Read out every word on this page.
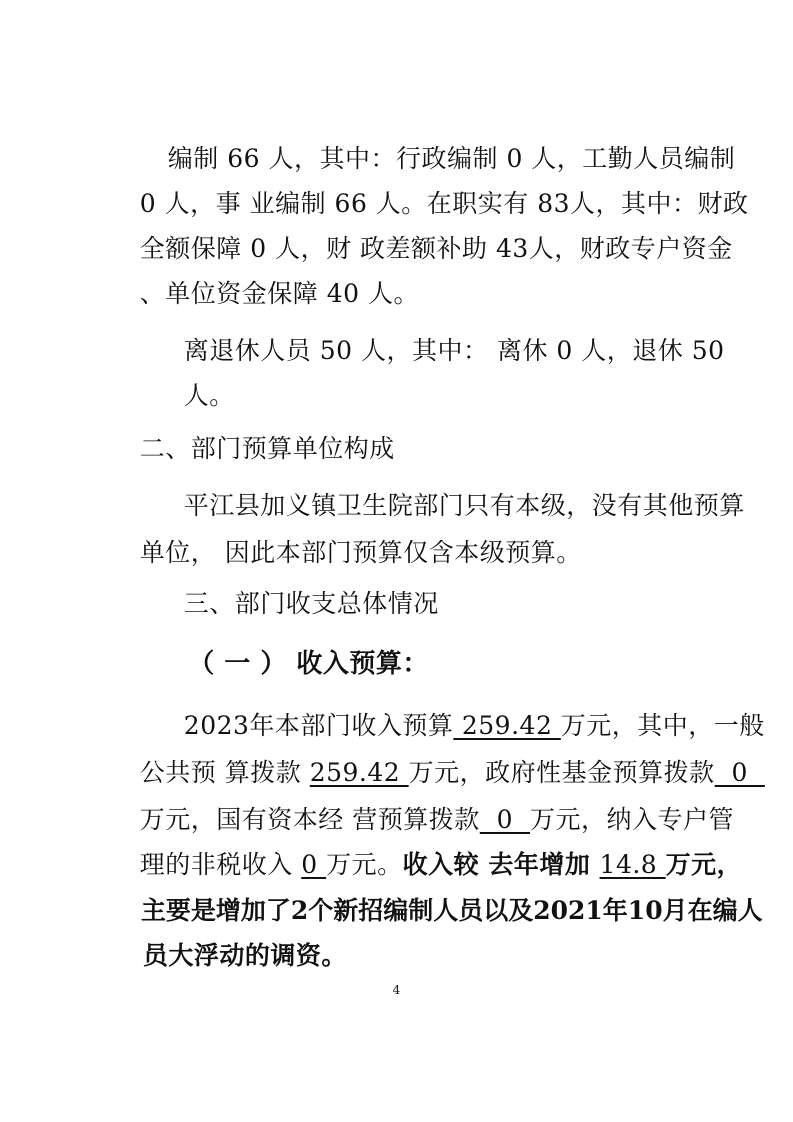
编制 66 人，其中：行政编制 0 人，工勤人员编制

0 人，事 业编制 66 人。在职实有 83人，其中：财政

全额保障 0 人，财 政差额补助 43人，财政专户资金

、单位资金保障 40 人。

离退休人员 50 人，其中： 离休 0 人，退休 50

人。

二、部门预算单位构成

平江县加义镇卫生院部门只有本级，没有其他预算

单位， 因此本部门预算仅含本级预算。

三、部门收支总体情况

（ 一 ） 收入预算：

2023年本部门收入预算 259.42 万元，其中，一般

公共预 算拨款 259.42 万元，政府性基金预算拨款  0

万元，国有资本经 营预算拨款  0  万元，纳入专户管

理的非税收入 0 万元。收入较 去年增加 14.8 万元，

主要是增加了2个新招编制人员以及2021年10月在编人

员大浮动的调资。

4
